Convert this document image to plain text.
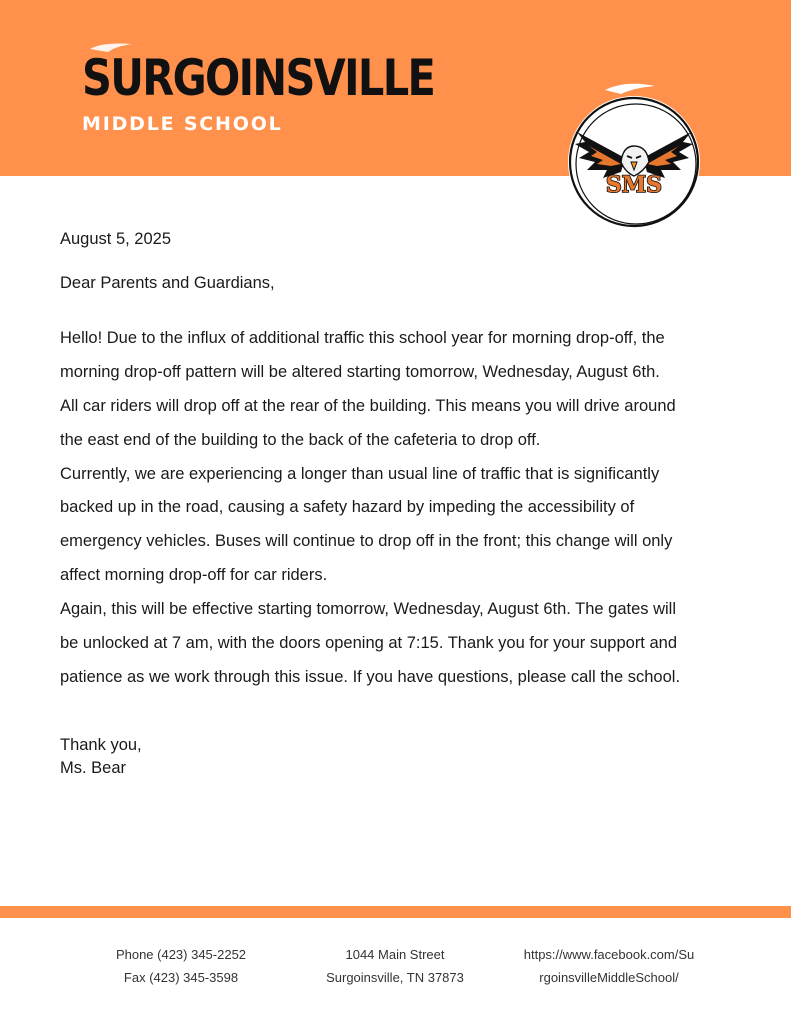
SURGOINSVILLE
MIDDLE SCHOOL
SMS
August 5, 2025
Dear Parents and Guardians,
Hello! Due to the influx of additional traffic this school year for morning drop-off, the
morning drop-off pattern will be altered starting tomorrow, Wednesday, August 6th.
All car riders will drop off at the rear of the building. This means you will drive around
the east end of the building to the back of the cafeteria to drop off.
Currently, we are experiencing a longer than usual line of traffic that is significantly
backed up in the road, causing a safety hazard by impeding the accessibility of
emergency vehicles. Buses will continue to drop off in the front; this change will only
affect morning drop-off for car riders.
Again, this will be effective starting tomorrow, Wednesday, August 6th. The gates will
be unlocked at 7 am, with the doors opening at 7:15. Thank you for your support and
patience as we work through this issue. If you have questions, please call the school.
Thank you,
Ms. Bear
Phone (423) 345-2252
Fax (423) 345-3598
1044 Main Street
Surgoinsville, TN 37873
https://www.facebook.com/Su
rgoinsvilleMiddleSchool/
